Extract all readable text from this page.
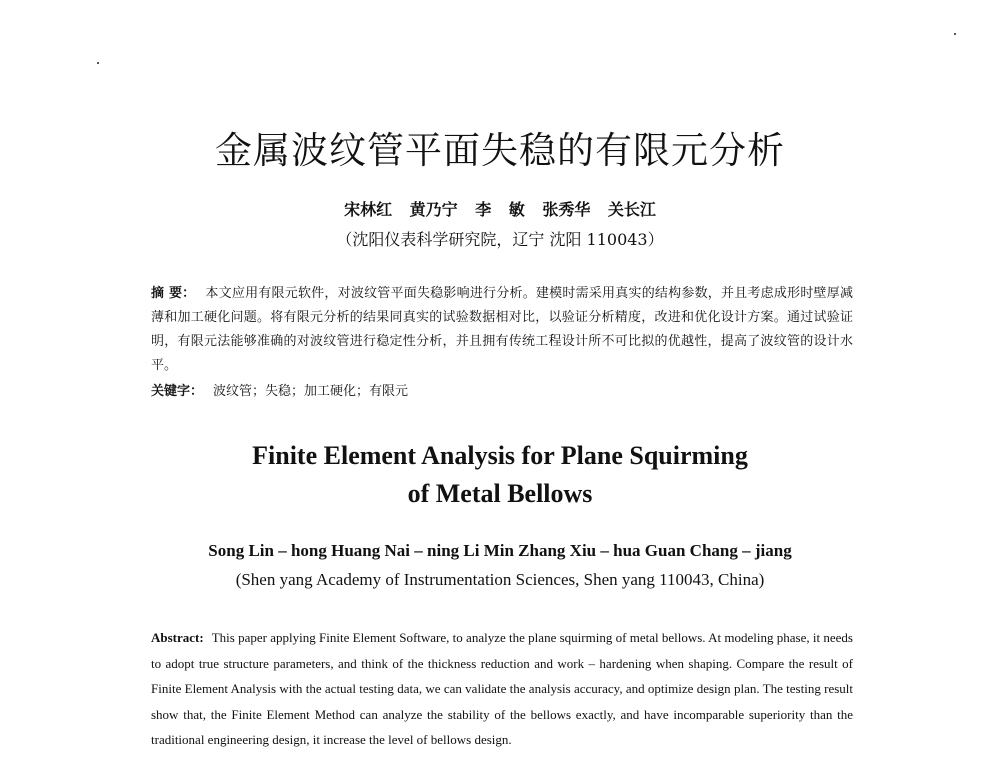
金属波纹管平面失稳的有限元分析
宋林红 黄乃宁 李 敏 张秀华 关长江
（沈阳仪表科学研究院，辽宁 沈阳 110043）
摘 要： 本文应用有限元软件，对波纹管平面失稳影响进行分析。建模时需采用真实的结构参数，并且考虑成形时壁厚减薄和加工硬化问题。将有限元分析的结果同真实的试验数据相对比，以验证分析精度，改进和优化设计方案。通过试验证明，有限元法能够准确的对波纹管进行稳定性分析，并且拥有传统工程设计所不可比拟的优越性，提高了波纹管的设计水平。
关键字： 波纹管；失稳；加工硬化；有限元
Finite Element Analysis for Plane Squirming
of Metal Bellows
Song Lin – hong Huang Nai – ning Li Min Zhang Xiu – hua Guan Chang – jiang
(Shen yang Academy of Instrumentation Sciences, Shen yang 110043, China)
Abstract: This paper applying Finite Element Software, to analyze the plane squirming of metal bellows. At modeling phase, it needs to adopt true structure parameters, and think of the thickness reduction and work – hardening when shaping. Compare the result of Finite Element Analysis with the actual testing data, we can validate the analysis accuracy, and optimize design plan. The testing result show that, the Finite Element Method can analyze the stability of the bellows exactly, and have incomparable superiority than the traditional engineering design, it increase the level of bellows design.
